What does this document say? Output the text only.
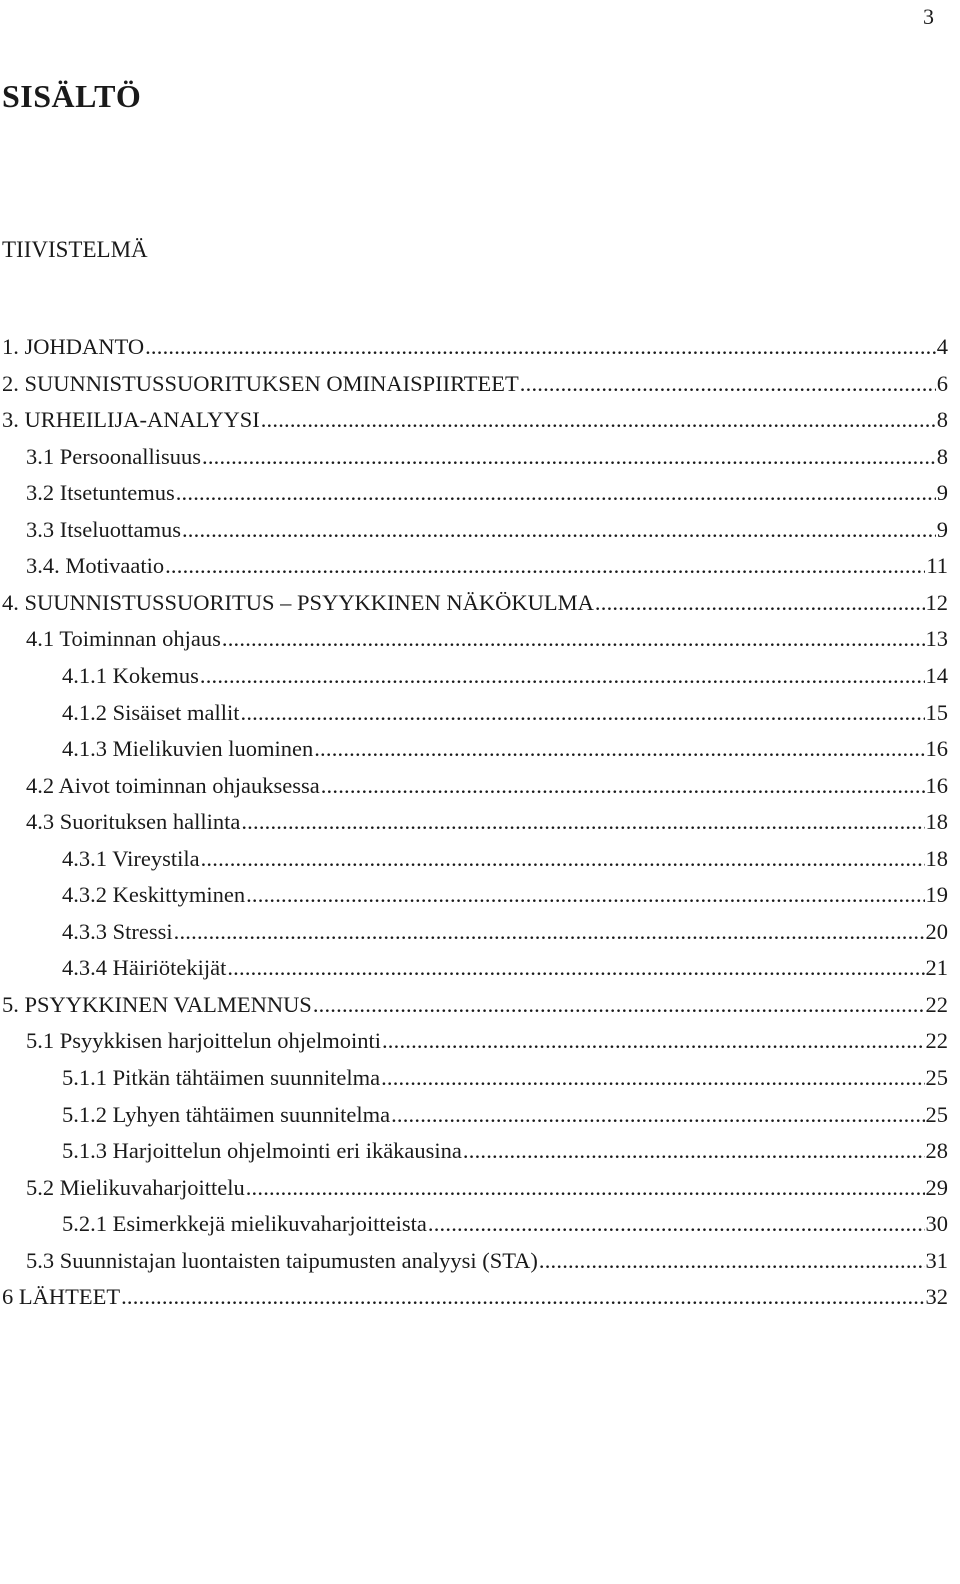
3
SISÄLTÖ
TIIVISTELMÄ
1. JOHDANTO .....	4
2. SUUNNISTUSSUORITUKSEN OMINAISPIIRTEET .....	6
3. URHEILIJA-ANALYYSI .....	8
3.1 Persoonallisuus .....	8
3.2 Itsetuntemus .....	9
3.3 Itseluottamus .....	9
3.4. Motivaatio .....	11
4. SUUNNISTUSSUORITUS – PSYYKKINEN NÄKÖKULMA .....	12
4.1 Toiminnan ohjaus .....	13
4.1.1 Kokemus .....	14
4.1.2 Sisäiset mallit .....	15
4.1.3 Mielikuvien luominen .....	16
4.2 Aivot toiminnan ohjauksessa .....	16
4.3 Suorituksen hallinta .....	18
4.3.1 Vireystila .....	18
4.3.2 Keskittyminen .....	19
4.3.3 Stressi .....	20
4.3.4 Häiriötekijät .....	21
5. PSYYKKINEN VALMENNUS .....	22
5.1 Psyykkisen harjoittelun ohjelmointi .....	22
5.1.1 Pitkän tähtäimen suunnitelma .....	25
5.1.2 Lyhyen tähtäimen suunnitelma .....	25
5.1.3 Harjoittelun ohjelmointi eri ikäkausina .....	28
5.2 Mielikuvaharjoittelu .....	29
5.2.1 Esimerkkejä mielikuvaharjoitteista .....	30
5.3 Suunnistajan luontaisten taipumusten analyysi (STA) .....	31
6 LÄHTEET .....	32
